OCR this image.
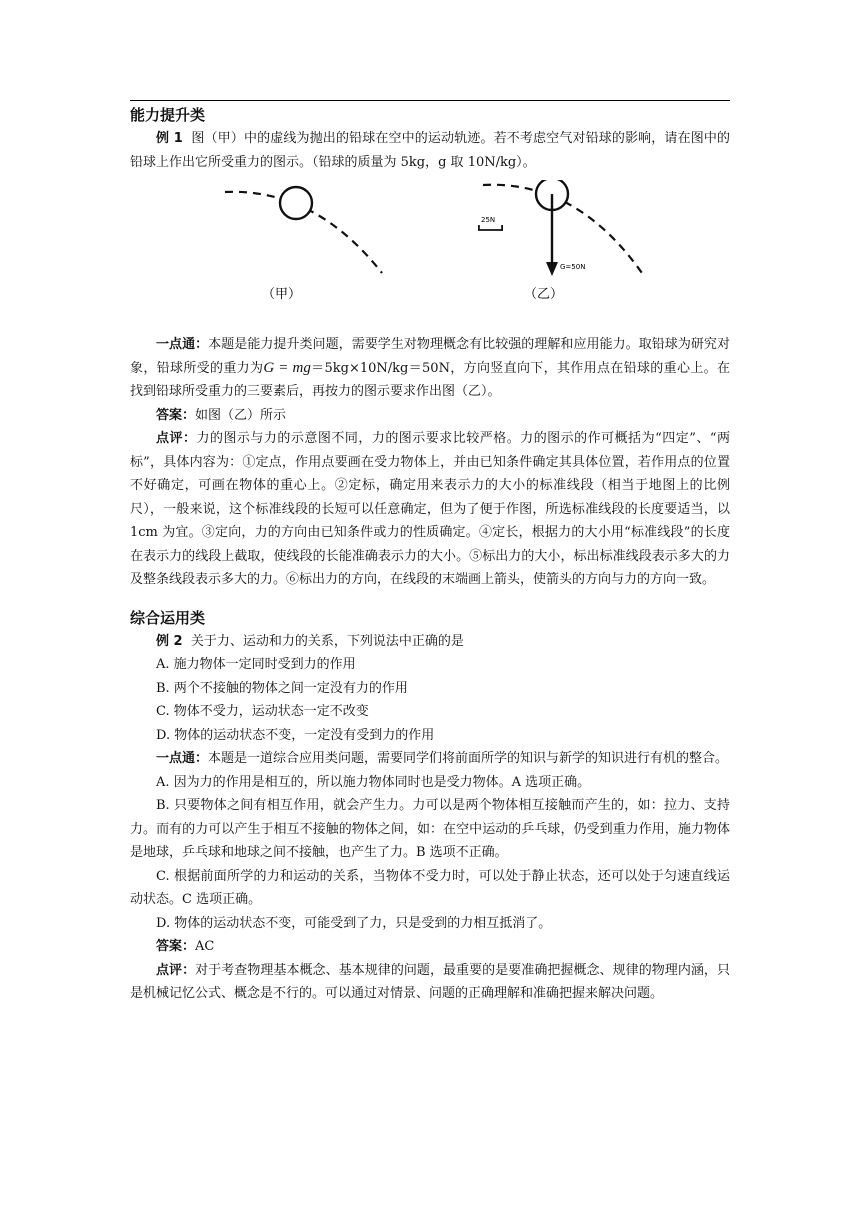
能力提升类

例 1 图（甲）中的虚线为抛出的铅球在空中的运动轨迹。若不考虑空气对铅球的影响，请在图中的铅球上作出它所受重力的图示。（铅球的质量为 5kg，g 取 10N/kg）。

（甲）
25N
G=50N
（乙）

一点通：本题是能力提升类问题，需要学生对物理概念有比较强的理解和应用能力。取铅球为研究对象，铅球所受的重力为G = mg＝5kg×10N/kg＝50N，方向竖直向下，其作用点在铅球的重心上。在找到铅球所受重力的三要素后，再按力的图示要求作出图（乙）。

答案：如图（乙）所示

点评：力的图示与力的示意图不同，力的图示要求比较严格。力的图示的作可概括为“四定”、“两标”，具体内容为：①定点，作用点要画在受力物体上，并由已知条件确定其具体位置，若作用点的位置不好确定，可画在物体的重心上。②定标，确定用来表示力的大小的标准线段（相当于地图上的比例尺），一般来说，这个标准线段的长短可以任意确定，但为了便于作图，所选标准线段的长度要适当，以 1cm 为宜。③定向，力的方向由已知条件或力的性质确定。④定长，根据力的大小用“标准线段”的长度在表示力的线段上截取，使线段的长能准确表示力的大小。⑤标出力的大小，标出标准线段表示多大的力及整条线段表示多大的力。⑥标出力的方向，在线段的末端画上箭头，使箭头的方向与力的方向一致。

综合运用类

例 2 关于力、运动和力的关系，下列说法中正确的是

A. 施力物体一定同时受到力的作用

B. 两个不接触的物体之间一定没有力的作用

C. 物体不受力，运动状态一定不改变

D. 物体的运动状态不变，一定没有受到力的作用

一点通：本题是一道综合应用类问题，需要同学们将前面所学的知识与新学的知识进行有机的整合。

A. 因为力的作用是相互的，所以施力物体同时也是受力物体。A 选项正确。

B. 只要物体之间有相互作用，就会产生力。力可以是两个物体相互接触而产生的，如：拉力、支持力。而有的力可以产生于相互不接触的物体之间，如：在空中运动的乒乓球，仍受到重力作用，施力物体是地球，乒乓球和地球之间不接触，也产生了力。B 选项不正确。

C. 根据前面所学的力和运动的关系，当物体不受力时，可以处于静止状态，还可以处于匀速直线运动状态。C 选项正确。

D. 物体的运动状态不变，可能受到了力，只是受到的力相互抵消了。

答案：AC

点评：对于考查物理基本概念、基本规律的问题，最重要的是要准确把握概念、规律的物理内涵，只是机械记忆公式、概念是不行的。可以通过对情景、问题的正确理解和准确把握来解决问题。
